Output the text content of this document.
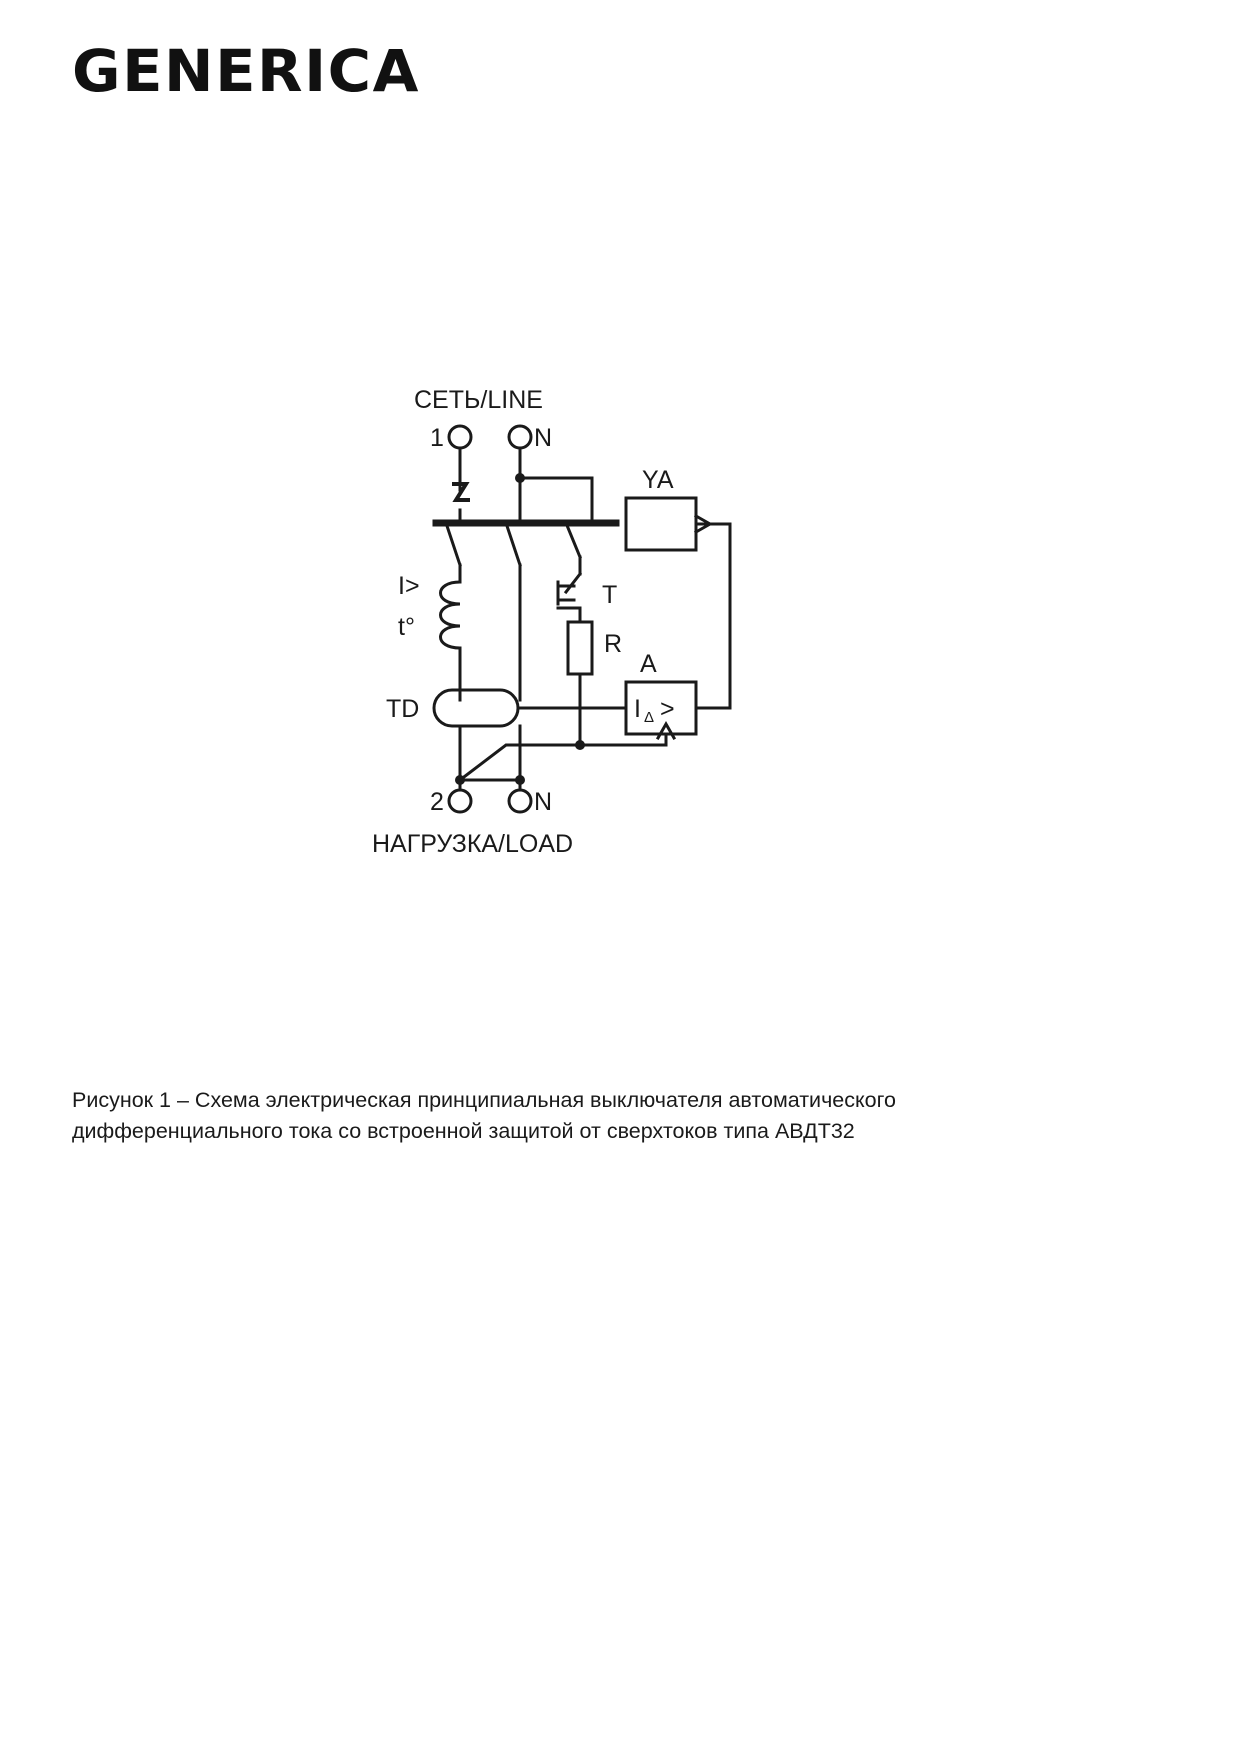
GENERICA
СЕТЬ/LINE
1	N
I>
t°
T
R
TD
YA
A
I Δ >
2	N
НАГРУЗКА/LOAD
Рисунок 1 – Схема электрическая принципиальная выключателя автоматического
дифференциального тока со встроенной защитой от сверхтоков типа АВДТ32
